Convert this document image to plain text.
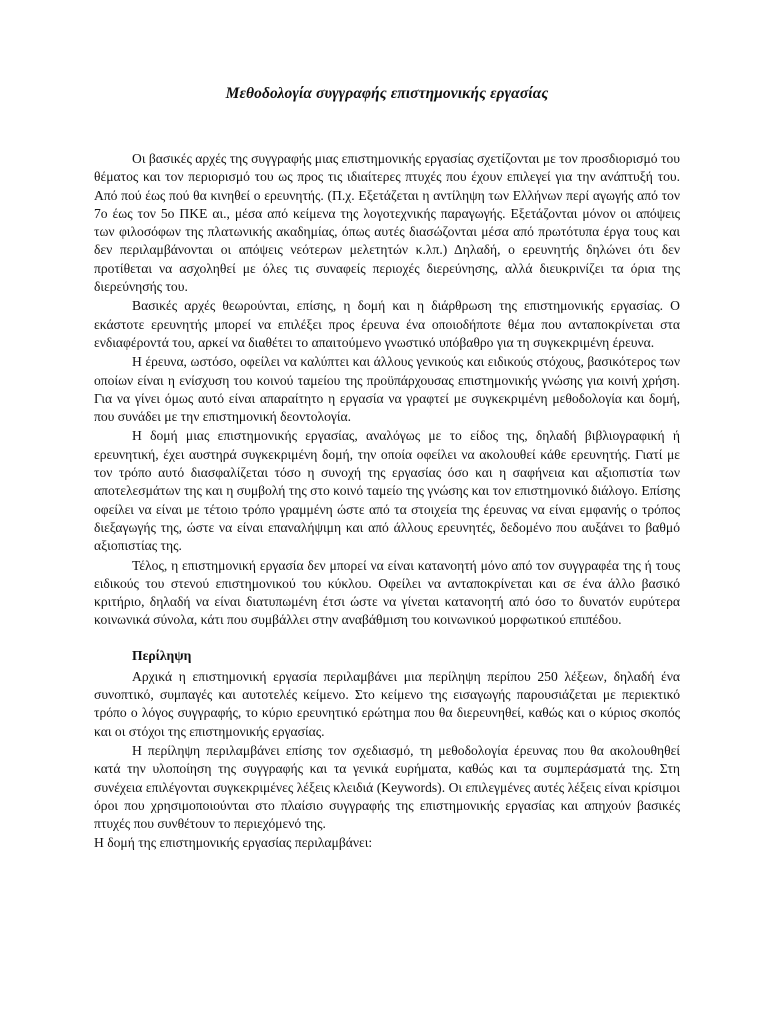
Μεθοδολογία συγγραφής επιστημονικής εργασίας

Οι βασικές αρχές της συγγραφής μιας επιστημονικής εργασίας σχετίζονται με τον προσδιορισμό του θέματος και τον περιορισμό του ως προς τις ιδιαίτερες πτυχές που έχουν επιλεγεί για την ανάπτυξή του. Από πού έως πού θα κινηθεί ο ερευνητής. (Π.χ. Εξετάζεται η αντίληψη των Ελλήνων περί αγωγής από τον 7ο έως τον 5ο ΠΚΕ αι., μέσα από κείμενα της λογοτεχνικής παραγωγής. Εξετάζονται μόνον οι απόψεις των φιλοσόφων της πλατωνικής ακαδημίας, όπως αυτές διασώζονται μέσα από πρωτότυπα έργα τους και δεν περιλαμβάνονται οι απόψεις νεότερων μελετητών κ.λπ.) Δηλαδή, ο ερευνητής δηλώνει ότι δεν προτίθεται να ασχοληθεί με όλες τις συναφείς περιοχές διερεύνησης, αλλά διευκρινίζει τα όρια της διερεύνησής του.

Βασικές αρχές θεωρούνται, επίσης, η δομή και η διάρθρωση της επιστημονικής εργασίας. Ο εκάστοτε ερευνητής μπορεί να επιλέξει προς έρευνα ένα οποιοδήποτε θέμα που ανταποκρίνεται στα ενδιαφέροντά του, αρκεί να διαθέτει το απαιτούμενο γνωστικό υπόβαθρο για τη συγκεκριμένη έρευνα.

Η έρευνα, ωστόσο, οφείλει να καλύπτει και άλλους γενικούς και ειδικούς στόχους, βασικότερος των οποίων είναι η ενίσχυση του κοινού ταμείου της προϋπάρχουσας επιστημονικής γνώσης για κοινή χρήση. Για να γίνει όμως αυτό είναι απαραίτητο η εργασία να γραφτεί με συγκεκριμένη μεθοδολογία και δομή, που συνάδει με την επιστημονική δεοντολογία.

Η δομή μιας επιστημονικής εργασίας, αναλόγως με το είδος της, δηλαδή βιβλιογραφική ή ερευνητική, έχει αυστηρά συγκεκριμένη δομή, την οποία οφείλει να ακολουθεί κάθε ερευνητής. Γιατί με τον τρόπο αυτό διασφαλίζεται τόσο η συνοχή της εργασίας όσο και η σαφήνεια και αξιοπιστία των αποτελεσμάτων της και η συμβολή της στο κοινό ταμείο της γνώσης και τον επιστημονικό διάλογο. Επίσης οφείλει να είναι με τέτοιο τρόπο γραμμένη ώστε από τα στοιχεία της έρευνας να είναι εμφανής ο τρόπος διεξαγωγής της, ώστε να είναι επαναλήψιμη και από άλλους ερευνητές, δεδομένο που αυξάνει το βαθμό αξιοπιστίας της.

Τέλος, η επιστημονική εργασία δεν μπορεί να είναι κατανοητή μόνο από τον συγγραφέα της ή τους ειδικούς του στενού επιστημονικού του κύκλου. Οφείλει να ανταποκρίνεται και σε ένα άλλο βασικό κριτήριο, δηλαδή να είναι διατυπωμένη έτσι ώστε να γίνεται κατανοητή από όσο το δυνατόν ευρύτερα κοινωνικά σύνολα, κάτι που συμβάλλει στην αναβάθμιση του κοινωνικού μορφωτικού επιπέδου.

Περίληψη

Αρχικά η επιστημονική εργασία περιλαμβάνει μια περίληψη περίπου 250 λέξεων, δηλαδή ένα συνοπτικό, συμπαγές και αυτοτελές κείμενο. Στο κείμενο της εισαγωγής παρουσιάζεται με περιεκτικό τρόπο ο λόγος συγγραφής, το κύριο ερευνητικό ερώτημα που θα διερευνηθεί, καθώς και ο κύριος σκοπός και οι στόχοι της επιστημονικής εργασίας.

Η περίληψη περιλαμβάνει επίσης τον σχεδιασμό, τη μεθοδολογία έρευνας που θα ακολουθηθεί κατά την υλοποίηση της συγγραφής και τα γενικά ευρήματα, καθώς και τα συμπεράσματά της. Στη συνέχεια επιλέγονται συγκεκριμένες λέξεις κλειδιά (Keywords). Οι επιλεγμένες αυτές λέξεις είναι κρίσιμοι όροι που χρησιμοποιούνται στο πλαίσιο συγγραφής της επιστημονικής εργασίας και απηχούν βασικές πτυχές που συνθέτουν το περιεχόμενό της.

Η δομή της επιστημονικής εργασίας περιλαμβάνει:
